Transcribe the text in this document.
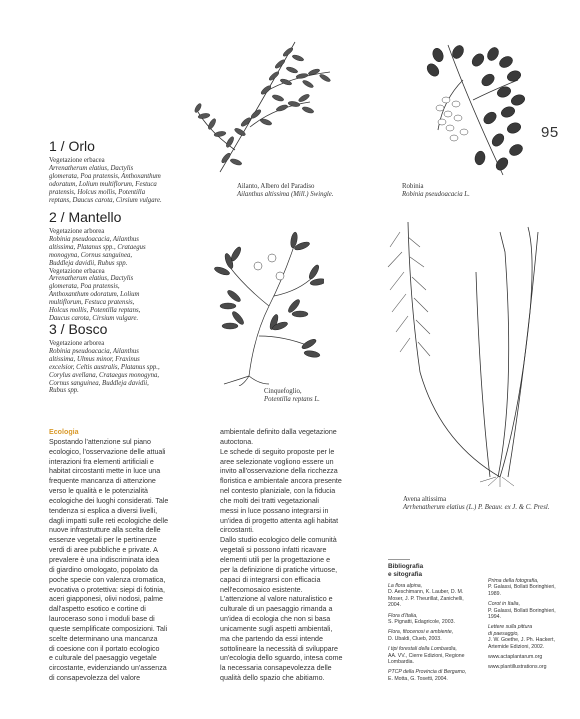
95
1 / Orlo
Vegetazione erbacea
Arrenatherum elatius, Dactylis
glomerata, Poa pratensis, Anthoxanthum
odoratum, Lolium multiflorum, Festuca
pratensis, Holcus mollis, Potentilla
reptans, Daucus carota, Cirsium vulgare.
2 / Mantello
Vegetazione arborea
Robinia pseudoacacia, Ailanthus
altissima, Platanus spp., Crataegus
monogyna, Cornus sanguinea,
Buddleja davidii, Rubus spp.
Vegetazione erbacea
Arrenatherum elatius, Dactylis
glomerata, Poa pratensis,
Anthoxanthum odoratum, Lolium
multiflorum, Festuca pratensis,
Holcus mollis, Potentilla reptans,
Daucus carota, Cirsium vulgare.
3 / Bosco
Vegetazione arborea
Robinia pseudoacacia, Ailanthus
altissima, Ulmus minor, Fraxinus
excelsior, Celtis australis, Platanus spp.,
Corylus avellana, Crataegus monogyna,
Cornus sanguinea, Buddleja davidii,
Rubus spp.
Ailanto, Albero del Paradiso
Ailanthus altissima (Mill.) Swingle.
Robinia
Robinia pseudoacacia L.
Cinquefoglio,
Potentilla reptans L.
Avena altissima
Arrhenatherum elatius (L.) P. Beauv. ex J. & C. Presl.
Ecologia
Spostando l'attenzione sul piano
ecologico, l'osservazione delle attuali
interazioni fra elementi artificiali e
habitat circostanti mette in luce una
frequente mancanza di attenzione
verso le qualità e le potenzialità
ecologiche dei luoghi considerati. Tale
tendenza si esplica a diversi livelli,
dagli impatti sulle reti ecologiche delle
nuove infrastrutture alla scelta delle
essenze vegetali per le pertinenze
verdi di aree pubbliche e private. A
prevalere è una indiscriminata idea
di giardino omologato, popolato da
poche specie con valenza cromatica,
evocativa o protettiva: siepi di fotinia,
aceri giapponesi, olivi nodosi, palme
dall'aspetto esotico e cortine di
lauroceraso sono i moduli base di
queste semplificate composizioni. Tali
scelte determinano una mancanza
di coesione con il portato ecologico
e culturale del paesaggio vegetale
circostante, evidenziando un'assenza
di consapevolezza del valore
ambientale definito dalla vegetazione
autoctona.
Le schede di seguito proposte per le
aree selezionate vogliono essere un
invito all'osservazione della ricchezza
floristica e ambientale ancora presente
nel contesto planiziale, con la fiducia
che molti dei tratti vegetazionali
messi in luce possano integrarsi in
un'idea di progetto attenta agli habitat
circostanti.
Dallo studio ecologico delle comunità
vegetali si possono infatti ricavare
elementi utili per la progettazione e
per la definizione di pratiche virtuose,
capaci di integrarsi con efficacia
nell'ecomosaico esistente.
L'attenzione al valore naturalistico e
culturale di un paesaggio rimanda a
un'idea di ecologia che non si basa
unicamente sugli aspetti ambientali,
ma che partendo da essi intende
sottolineare la necessità di sviluppare
un'ecologia dello sguardo, intesa come
la necessaria consapevolezza delle
qualità dello spazio che abitiamo.
Bibliografia
e sitografia
La flora alpina,
D. Aeschimann, K. Lauber, D. M.
Moser, J. P. Theurillat, Zanichelli,
2004.
Flora d'Italia,
S. Pignatti, Edagricole, 2003.
Flora, fitocenosi e ambiente,
D. Ubaldi, Clueb, 2003.
I tipi forestali della Lombardia,
AA. VV., Cierre Edizioni, Regione
Lombardia.
PTCP della Provincia di Bergamo,
E. Motta, G. Tosetti, 2004.
Prima della fotografia,
P. Galassi, Bollati Boringhieri,
1989.
Corot in Italia,
P. Galassi, Bollati Boringhieri,
1994.
Lettere sulla pittura
di paesaggio,
J. W. Goethe, J. Ph. Hackert,
Artemide Edizioni, 2002.
www.actaplantarum.org
www.plantillustrations.org
